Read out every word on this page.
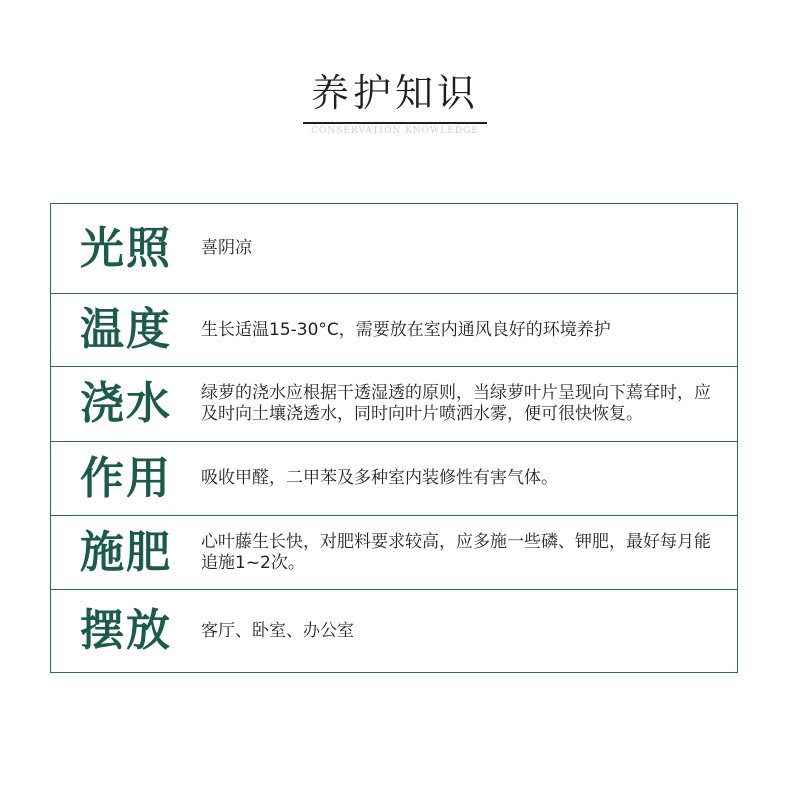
养护知识
CONSERVATION KNOWLEDGE
光照	喜阴凉
温度	生长适温15-30°C，需要放在室内通风良好的环境养护
浇水	绿萝的浇水应根据干透湿透的原则，当绿萝叶片呈现向下蔫耷时，应及时向土壤浇透水，同时向叶片喷洒水雾，便可很快恢复。
作用	吸收甲醛，二甲苯及多种室内装修性有害气体。
施肥	心叶藤生长快，对肥料要求较高，应多施一些磷、钾肥，最好每月能追施1~2次。
摆放	客厅、卧室、办公室
